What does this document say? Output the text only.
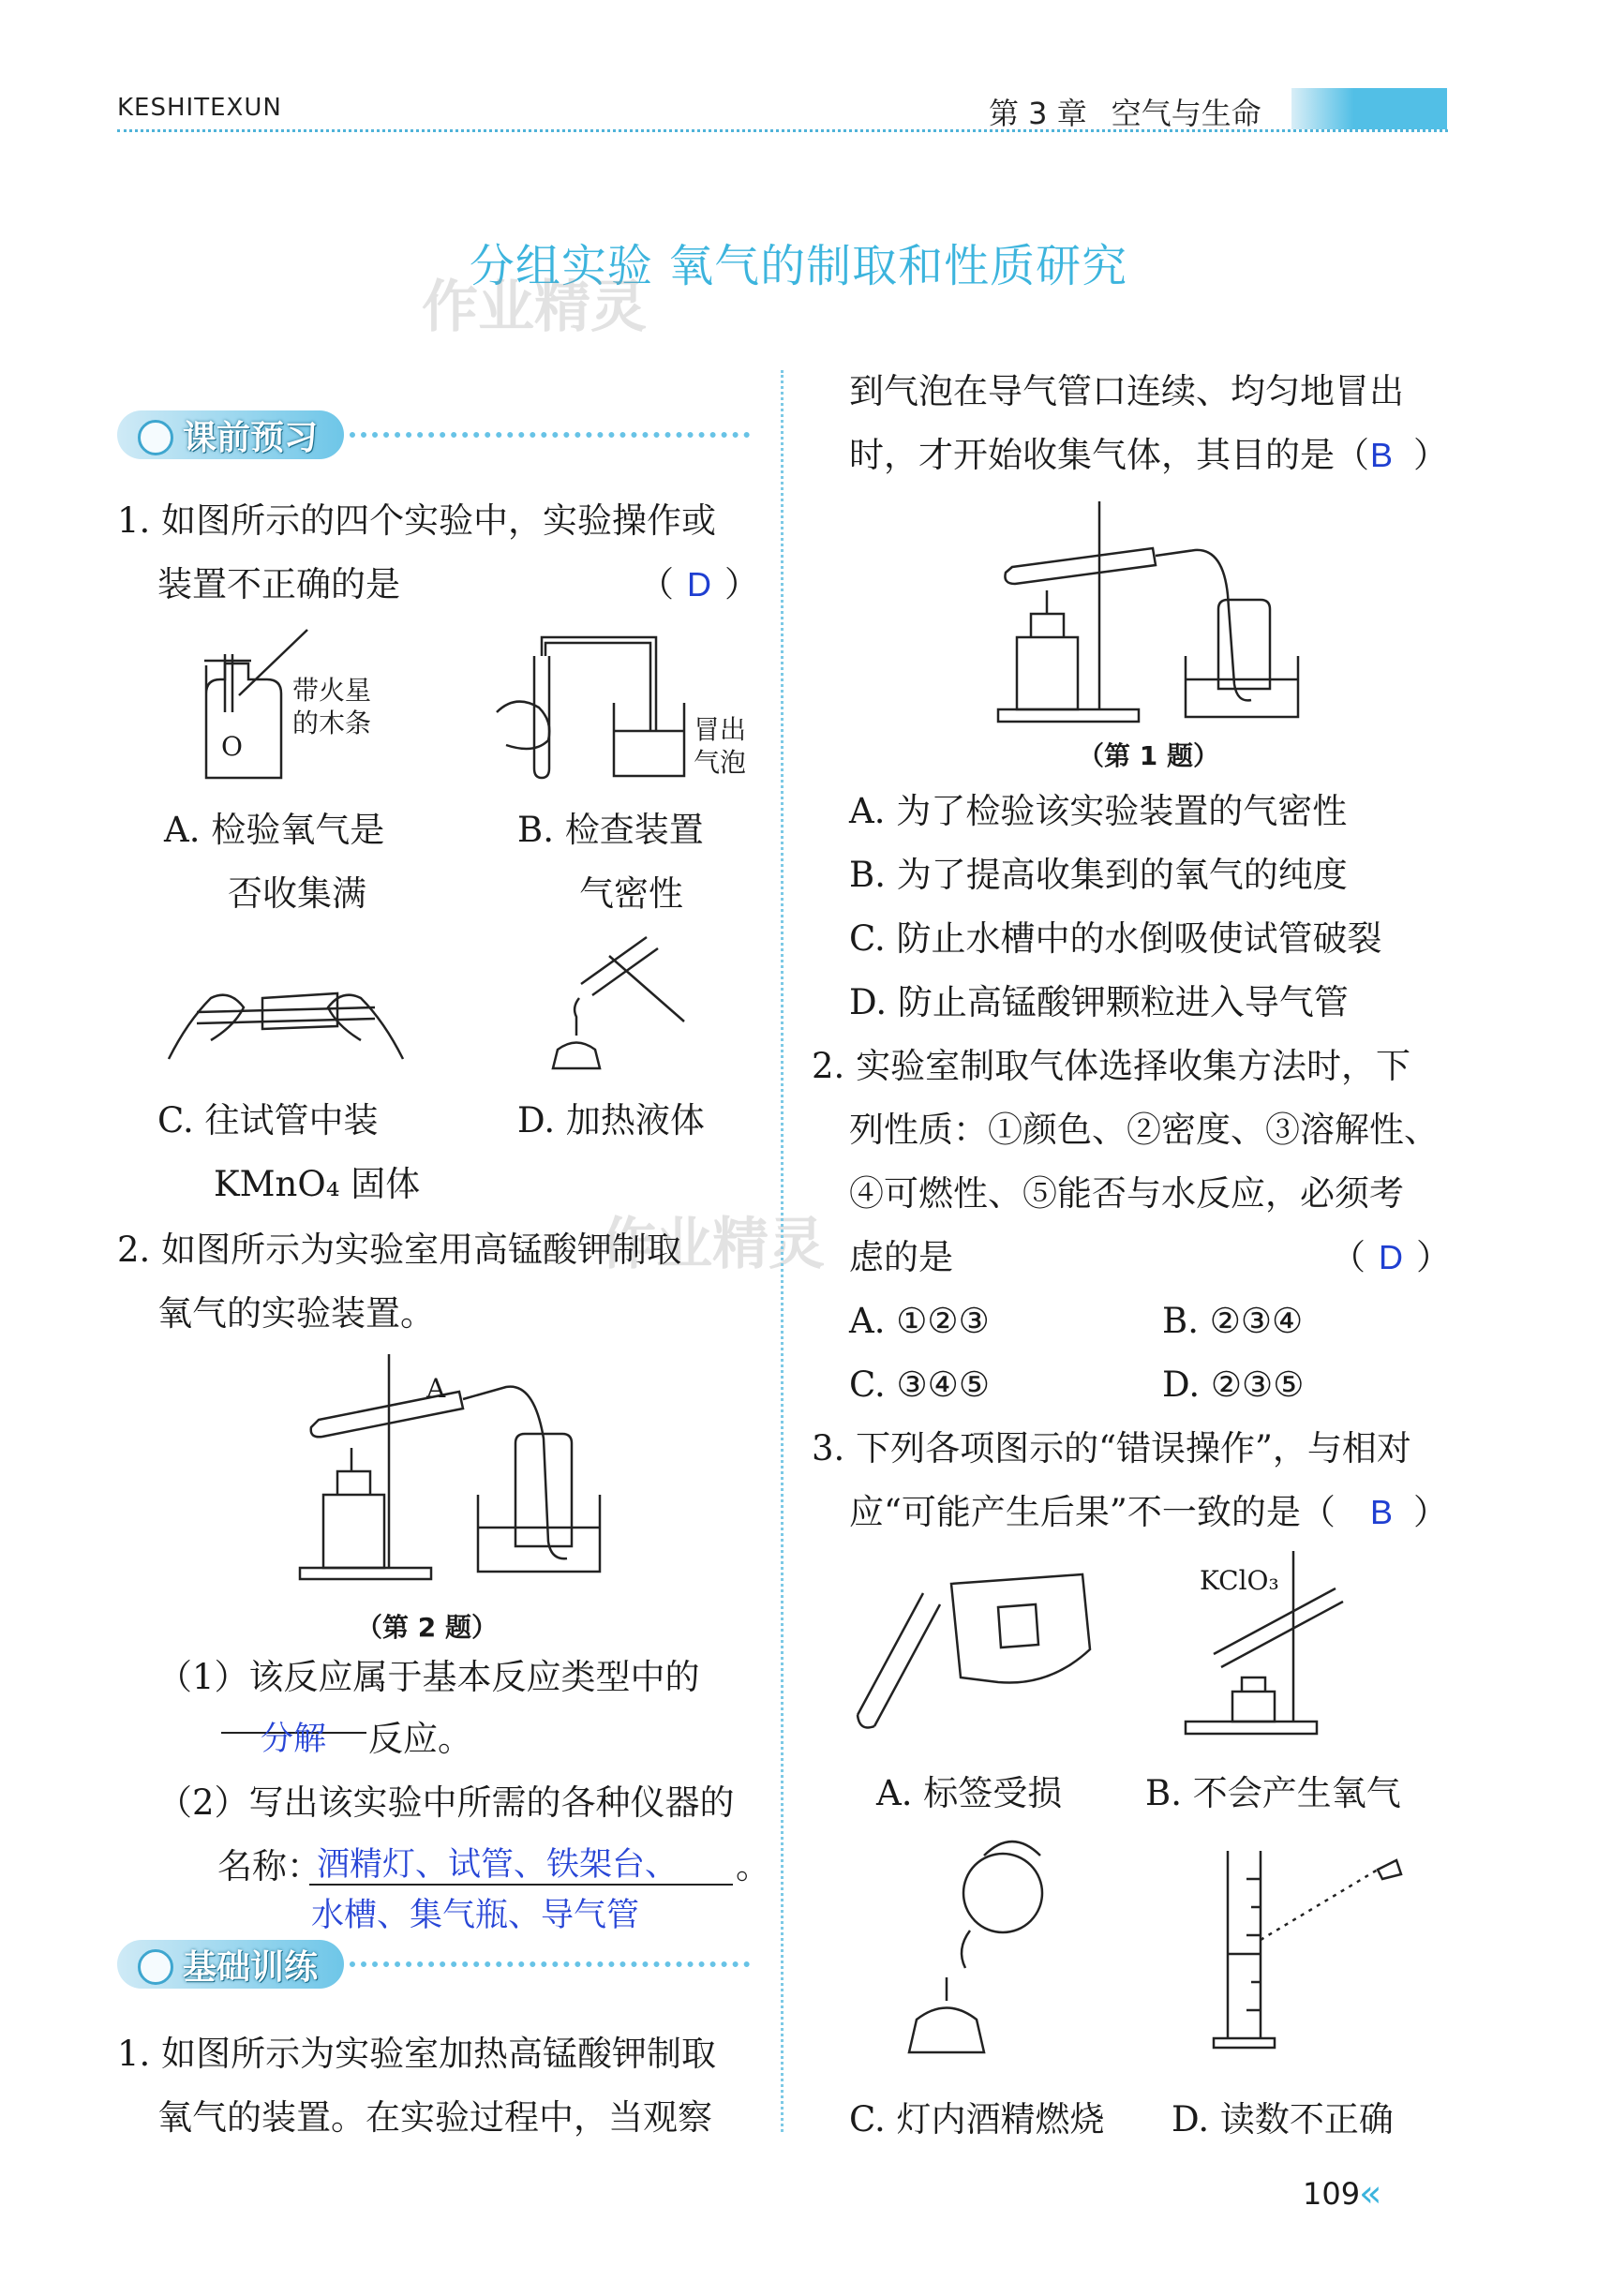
KESHITEXUN	第 3 章 空气与生命
分组实验 氧气的制取和性质研究
作业精灵
作业精灵
课前预习
1. 如图所示的四个实验中，实验操作或
装置不正确的是	（ D ）
O
带火星
的木条	冒出
气泡
A. 检验氧气是
否收集满
B. 检查装置
气密性
C. 往试管中装
KMnO₄ 固体
D. 加热液体
2. 如图所示为实验室用高锰酸钾制取
氧气的实验装置。
A
（第 2 题）
（1）该反应属于基本反应类型中的
分解 反应。
（2）写出该实验中所需的各种仪器的
名称：
酒精灯、试管、铁架台、 。
水槽、集气瓶、导气管
基础训练
1. 如图所示为实验室加热高锰酸钾制取
氧气的装置。在实验过程中，当观察
到气泡在导气管口连续、均匀地冒出
时，才开始收集气体，其目的是（ B ）
（第 1 题）
A. 为了检验该实验装置的气密性
B. 为了提高收集到的氧气的纯度
C. 防止水槽中的水倒吸使试管破裂
D. 防止高锰酸钾颗粒进入导气管
2. 实验室制取气体选择收集方法时，下
列性质：①颜色、②密度、③溶解性、
④可燃性、⑤能否与水反应，必须考
虑的是	（ D ）
A. ①②③	B. ②③④
C. ③④⑤	D. ②③⑤
3. 下列各项图示的“错误操作”，与相对
应“可能产生后果”不一致的是（ B ）
KClO₃
A. 标签受损 B. 不会产生氧气
C. 灯内酒精燃烧 D. 读数不正确
109
«
